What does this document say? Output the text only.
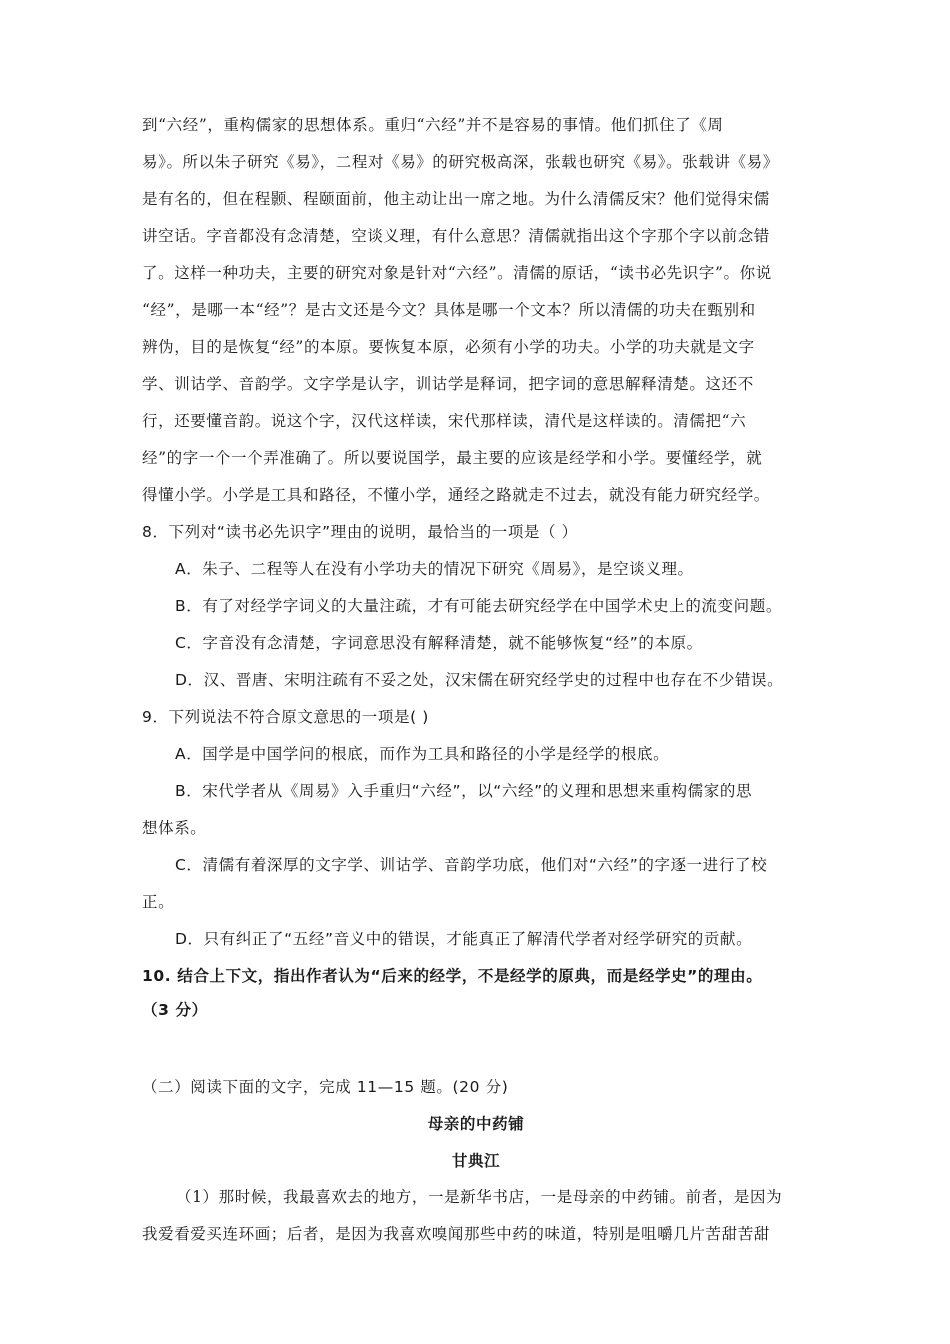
到“六经”，重构儒家的思想体系。重归“六经”并不是容易的事情。他们抓住了《周
易》。所以朱子研究《易》，二程对《易》的研究极高深，张载也研究《易》。张载讲《易》
是有名的，但在程颢、程颐面前，他主动让出一席之地。为什么清儒反宋？他们觉得宋儒
讲空话。字音都没有念清楚，空谈义理，有什么意思？清儒就指出这个字那个字以前念错
了。这样一种功夫，主要的研究对象是针对“六经”。清儒的原话，“读书必先识字”。你说
“经”，是哪一本“经”？是古文还是今文？具体是哪一个文本？所以清儒的功夫在甄别和
辨伪，目的是恢复“经”的本原。要恢复本原，必须有小学的功夫。小学的功夫就是文字
学、训诂学、音韵学。文字学是认字，训诂学是释词，把字词的意思解释清楚。这还不
行，还要懂音韵。说这个字，汉代这样读，宋代那样读，清代是这样读的。清儒把“六
经”的字一个一个弄准确了。所以要说国学，最主要的应该是经学和小学。要懂经学，就
得懂小学。小学是工具和路径，不懂小学，通经之路就走不过去，就没有能力研究经学。
8．下列对“读书必先识字”理由的说明，最恰当的一项是（ ）
A．朱子、二程等人在没有小学功夫的情况下研究《周易》，是空谈义理。
B．有了对经学字词义的大量注疏，才有可能去研究经学在中国学术史上的流变问题。
C．字音没有念清楚，字词意思没有解释清楚，就不能够恢复“经”的本原。
D．汉、晋唐、宋明注疏有不妥之处，汉宋儒在研究经学史的过程中也存在不少错误。
9．下列说法不符合原文意思的一项是( )
A．国学是中国学问的根底，而作为工具和路径的小学是经学的根底。
B．宋代学者从《周易》入手重归“六经”，以“六经”的义理和思想来重构儒家的思
想体系。
C．清儒有着深厚的文字学、训诂学、音韵学功底，他们对“六经”的字逐一进行了校
正。
D．只有纠正了“五经”音义中的错误，才能真正了解清代学者对经学研究的贡献。
10. 结合上下文，指出作者认为“后来的经学，不是经学的原典，而是经学史”的理由。
（3 分）
（二）阅读下面的文字，完成 11—15 题。(20 分)
母亲的中药铺
甘典江
（1）那时候，我最喜欢去的地方，一是新华书店，一是母亲的中药铺。前者，是因为
我爱看爱买连环画；后者，是因为我喜欢嗅闻那些中药的味道，特别是咀嚼几片苦甜苦甜
